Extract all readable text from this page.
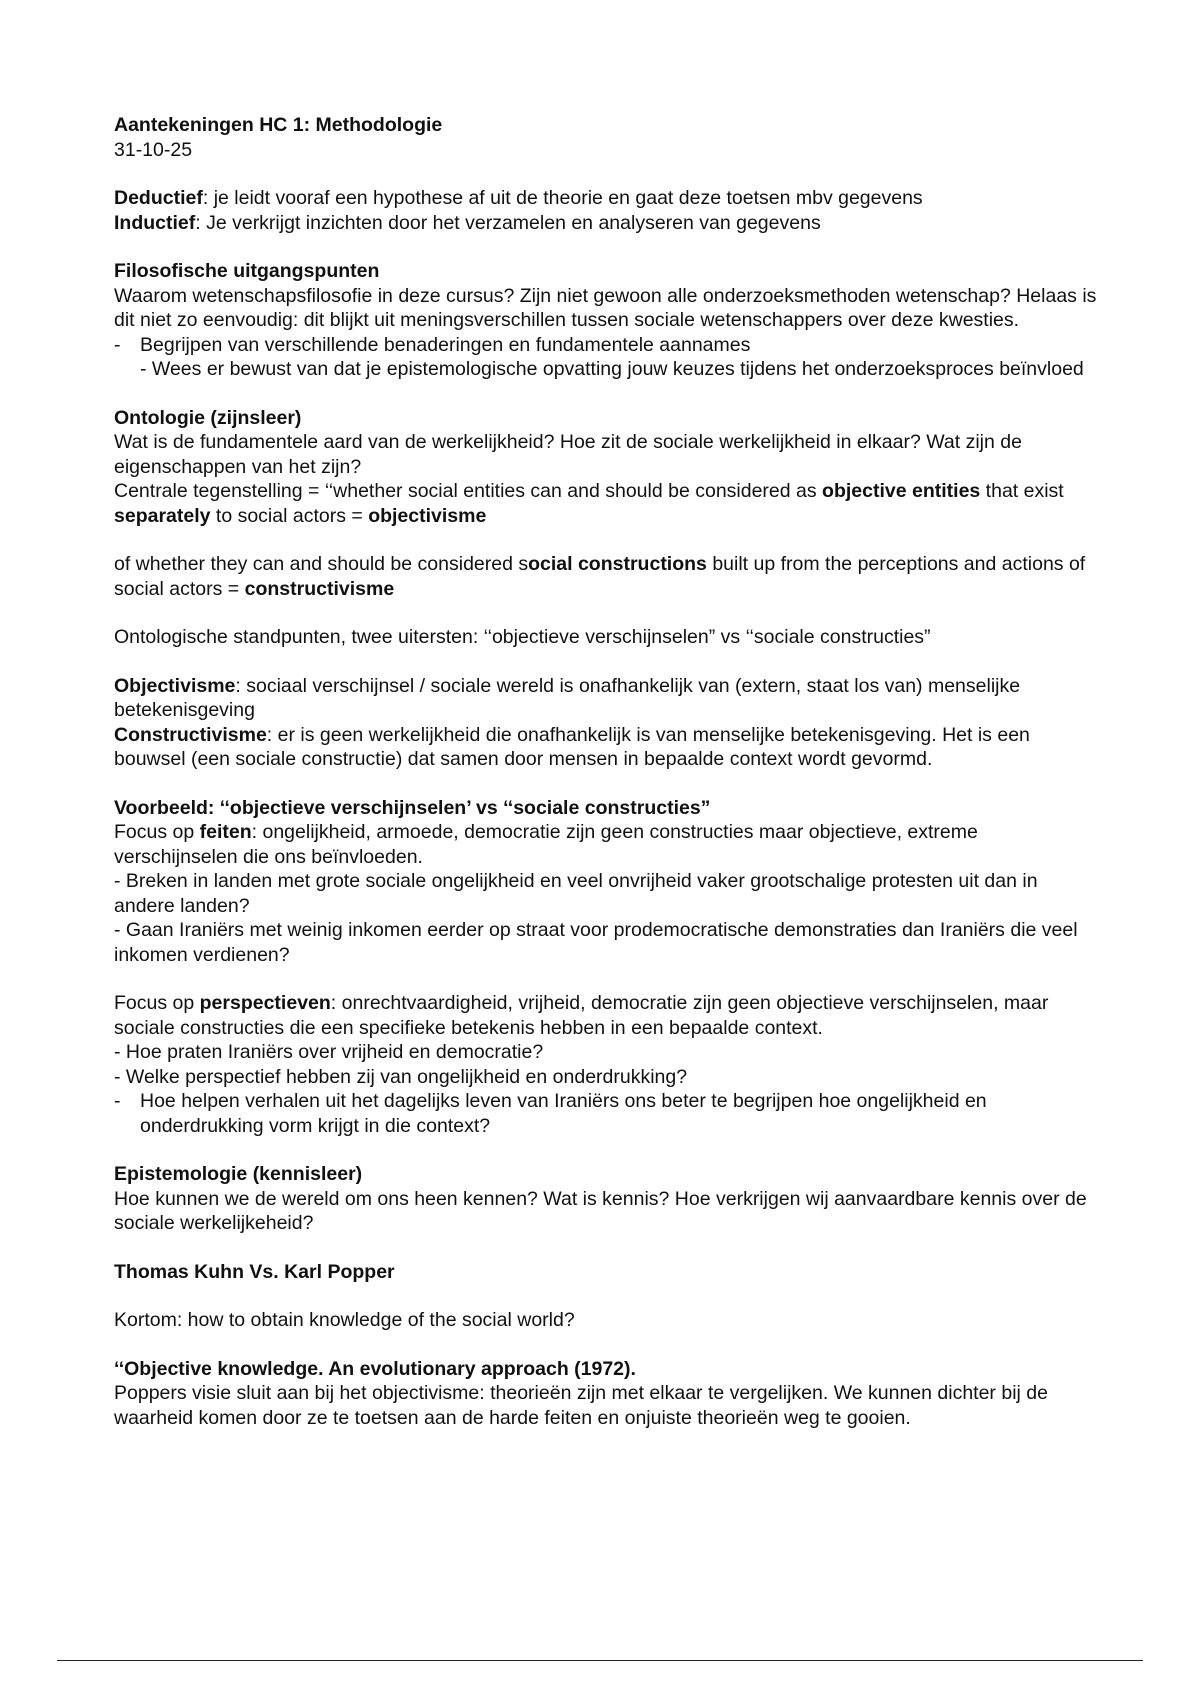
Aantekeningen HC 1: Methodologie

31-10-25

Deductief: je leidt vooraf een hypothese af uit de theorie en gaat deze toetsen mbv gegevens

Inductief: Je verkrijgt inzichten door het verzamelen en analyseren van gegevens

Filosofische uitgangspunten

Waarom wetenschapsfilosofie in deze cursus? Zijn niet gewoon alle onderzoeksmethoden wetenschap? Helaas is dit niet zo eenvoudig: dit blijkt uit meningsverschillen tussen sociale wetenschappers over deze kwesties.

-	Begrijpen van verschillende benaderingen en fundamentele aannames

- Wees er bewust van dat je epistemologische opvatting jouw keuzes tijdens het onderzoeksproces beïnvloed

Ontologie (zijnsleer)

Wat is de fundamentele aard van de werkelijkheid? Hoe zit de sociale werkelijkheid in elkaar? Wat zijn de eigenschappen van het zijn?

Centrale tegenstelling = ‘‘whether social entities can and should be considered as objective entities that exist separately to social actors = objectivisme

of whether they can and should be considered social constructions built up from the perceptions and actions of social actors = constructivisme

Ontologische standpunten, twee uitersten: ‘‘objectieve verschijnselen” vs ‘‘sociale constructies”

Objectivisme: sociaal verschijnsel / sociale wereld is onafhankelijk van (extern, staat los van) menselijke betekenisgeving

Constructivisme: er is geen werkelijkheid die onafhankelijk is van menselijke betekenisgeving. Het is een bouwsel (een sociale constructie) dat samen door mensen in bepaalde context wordt gevormd.

Voorbeeld: ‘‘objectieve verschijnselen’ vs ‘‘sociale constructies”

Focus op feiten: ongelijkheid, armoede, democratie zijn geen constructies maar objectieve, extreme verschijnselen die ons beïnvloeden.

- Breken in landen met grote sociale ongelijkheid en veel onvrijheid vaker grootschalige protesten uit dan in andere landen?

- Gaan Iraniërs met weinig inkomen eerder op straat voor prodemocratische demonstraties dan Iraniërs die veel inkomen verdienen?

Focus op perspectieven: onrechtvaardigheid, vrijheid, democratie zijn geen objectieve verschijnselen, maar sociale constructies die een specifieke betekenis hebben in een bepaalde context.

- Hoe praten Iraniërs over vrijheid en democratie?

- Welke perspectief hebben zij van ongelijkheid en onderdrukking?

-	Hoe helpen verhalen uit het dagelijks leven van Iraniërs ons beter te begrijpen hoe ongelijkheid en onderdrukking vorm krijgt in die context?

Epistemologie (kennisleer)

Hoe kunnen we de wereld om ons heen kennen? Wat is kennis? Hoe verkrijgen wij aanvaardbare kennis over de sociale werkelijkeheid?

Thomas Kuhn Vs. Karl Popper

Kortom: how to obtain knowledge of the social world?

‘‘Objective knowledge. An evolutionary approach (1972).

Poppers visie sluit aan bij het objectivisme: theorieën zijn met elkaar te vergelijken. We kunnen dichter bij de waarheid komen door ze te toetsen aan de harde feiten en onjuiste theorieën weg te gooien.
